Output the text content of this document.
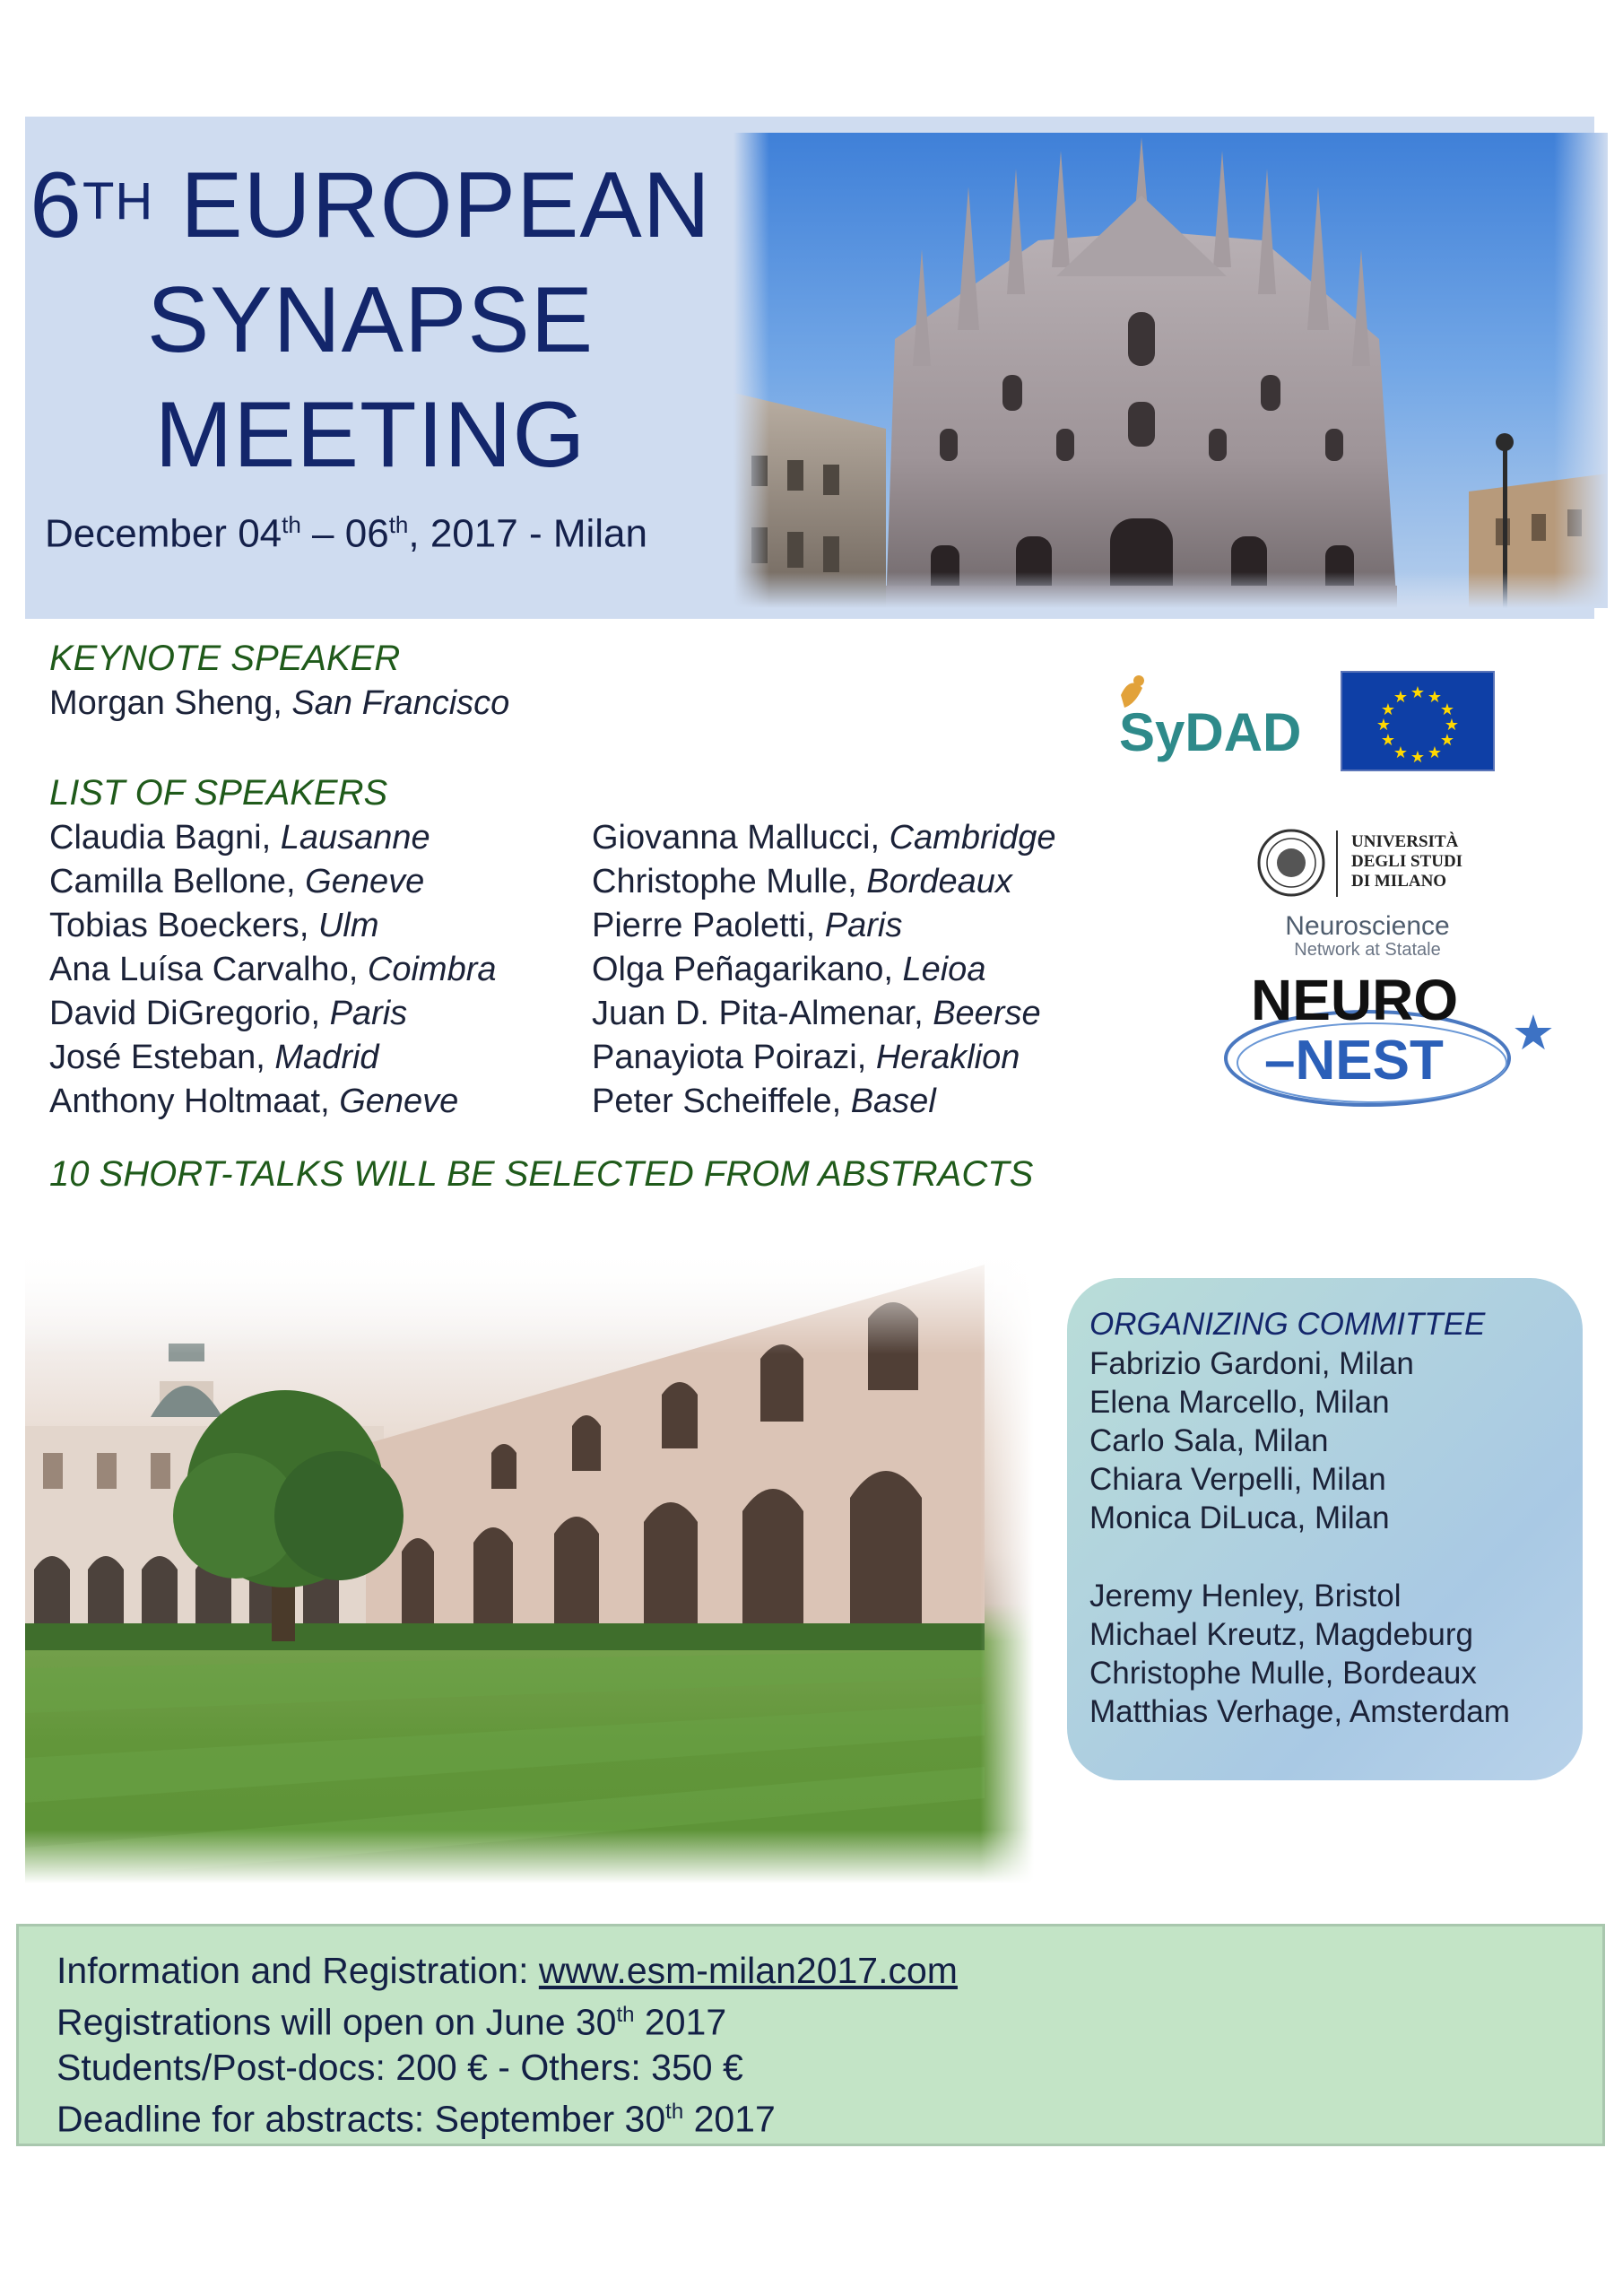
6TH EUROPEAN
SYNAPSE
MEETING
December 04th – 06th, 2017 - Milan
KEYNOTE SPEAKER
Morgan Sheng, San Francisco
LIST OF SPEAKERS
Claudia Bagni, Lausanne
Camilla Bellone, Geneve
Tobias Boeckers, Ulm
Ana Luísa Carvalho, Coimbra
David DiGregorio, Paris
José Esteban, Madrid
Anthony Holtmaat, Geneve
Giovanna Mallucci, Cambridge
Christophe Mulle, Bordeaux
Pierre Paoletti, Paris
Olga Peñagarikano, Leioa
Juan D. Pita-Almenar, Beerse
Panayiota Poirazi, Heraklion
Peter Scheiffele, Basel
10 SHORT-TALKS WILL BE SELECTED FROM ABSTRACTS
SyDAD
★ ★
★
★
★
★
★
★
★
★
★
★
UNIVERSITÀ
DEGLI STUDI
DI MILANO
Neuroscience
Network at Statale
NEURO
–NEST ★
ORGANIZING COMMITTEE
Fabrizio Gardoni, Milan
Elena Marcello, Milan
Carlo Sala, Milan
Chiara Verpelli, Milan
Monica DiLuca, Milan
Jeremy Henley, Bristol
Michael Kreutz, Magdeburg
Christophe Mulle, Bordeaux
Matthias Verhage, Amsterdam
Information and Registration: www.esm-milan2017.com
Registrations will open on June 30th 2017
Students/Post-docs: 200 € - Others: 350 €
Deadline for abstracts: September 30th 2017
